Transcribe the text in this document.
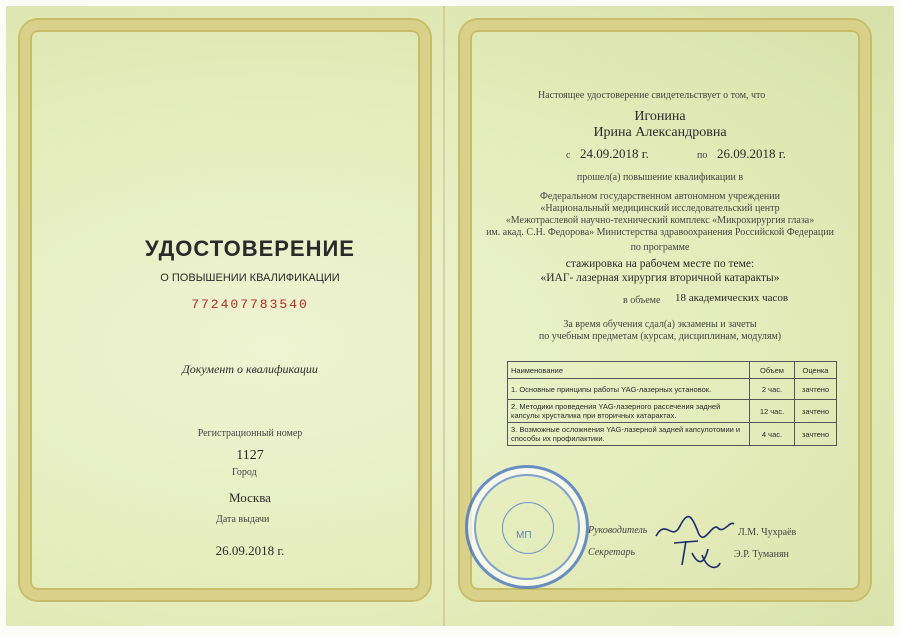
УДОСТОВЕРЕНИЕ
О ПОВЫШЕНИИ КВАЛИФИКАЦИИ
772407783540
Документ о квалификации
Регистрационный номер
1127
Город
Москва
Дата выдачи
26.09.2018 г.
Настоящее удостоверение свидетельствует о том, что
Игонина
Ирина Александровна
с 24.09.2018 г.	по 26.09.2018 г.
прошел(а) повышение квалификации в
Федеральном государственном автономном учреждении
«Национальный медицинский исследовательский центр
«Межотраслевой научно-технический комплекс «Микрохирургия глаза»
им. акад. С.Н. Федорова» Министерства здравоохранения Российской Федерации
по программе
стажировка на рабочем месте по теме:
«ИАГ- лазерная хирургия вторичной катаракты»
в объеме 18 академических часов
За время обучения сдал(а) экзамены и зачеты
по учебным предметам (курсам, дисциплинам, модулям)
Наименование	Объем	Оценка
1. Основные принципы работы YAG-лазерных установок.	2 час.	зачтено
2. Методики проведения YAG-лазерного рассечения задней капсулы хрусталика при вторичных катарактах.	12 час.	зачтено
3. Возможные осложнения YAG-лазерной задней капсулотомии и способы их профилактики.	4 час.	зачтено
МП	Руководитель	Л.М. Чухраёв
Секретарь	Э.Р. Туманян
